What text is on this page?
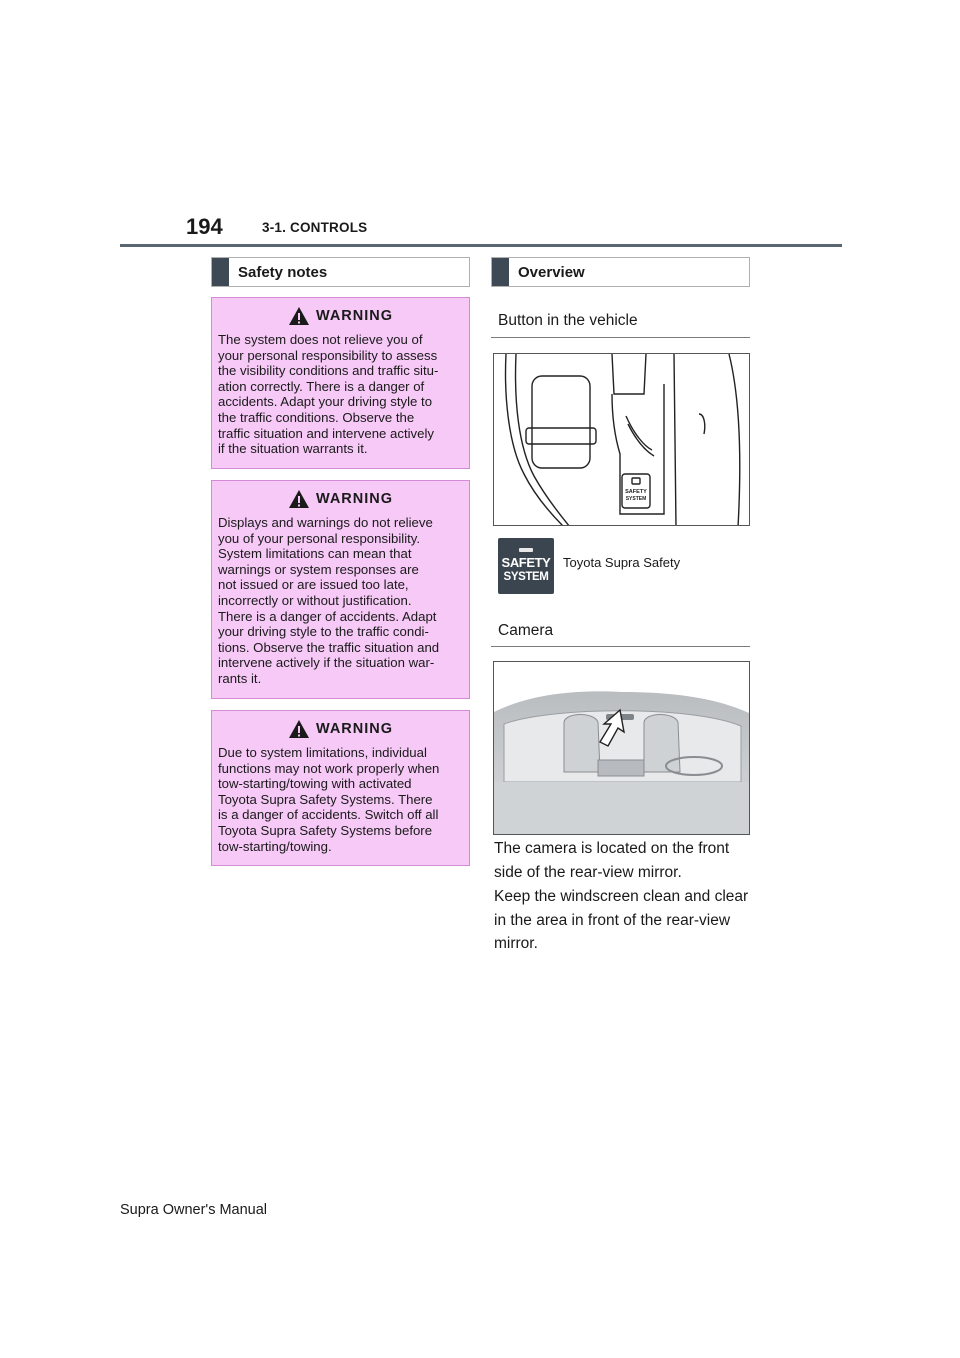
194	3-1. CONTROLS
Safety notes
WARNING
The system does not relieve you of
your personal responsibility to assess
the visibility conditions and traffic situ-
ation correctly. There is a danger of
accidents. Adapt your driving style to
the traffic conditions. Observe the
traffic situation and intervene actively
if the situation warrants it.
WARNING
Displays and warnings do not relieve
you of your personal responsibility.
System limitations can mean that
warnings or system responses are
not issued or are issued too late,
incorrectly or without justification.
There is a danger of accidents. Adapt
your driving style to the traffic condi-
tions. Observe the traffic situation and
intervene actively if the situation war-
rants it.
WARNING
Due to system limitations, individual
functions may not work properly when
tow-starting/towing with activated
Toyota Supra Safety Systems. There
is a danger of accidents. Switch off all
Toyota Supra Safety Systems before
tow-starting/towing.
Overview
Button in the vehicle
SAFETY
SYSTEM
SAFETY
SYSTEM
Toyota Supra Safety
Camera
The camera is located on the front side of the rear-view mirror.
Keep the windscreen clean and clear in the area in front of the rear-view mirror.
Supra Owner's Manual
